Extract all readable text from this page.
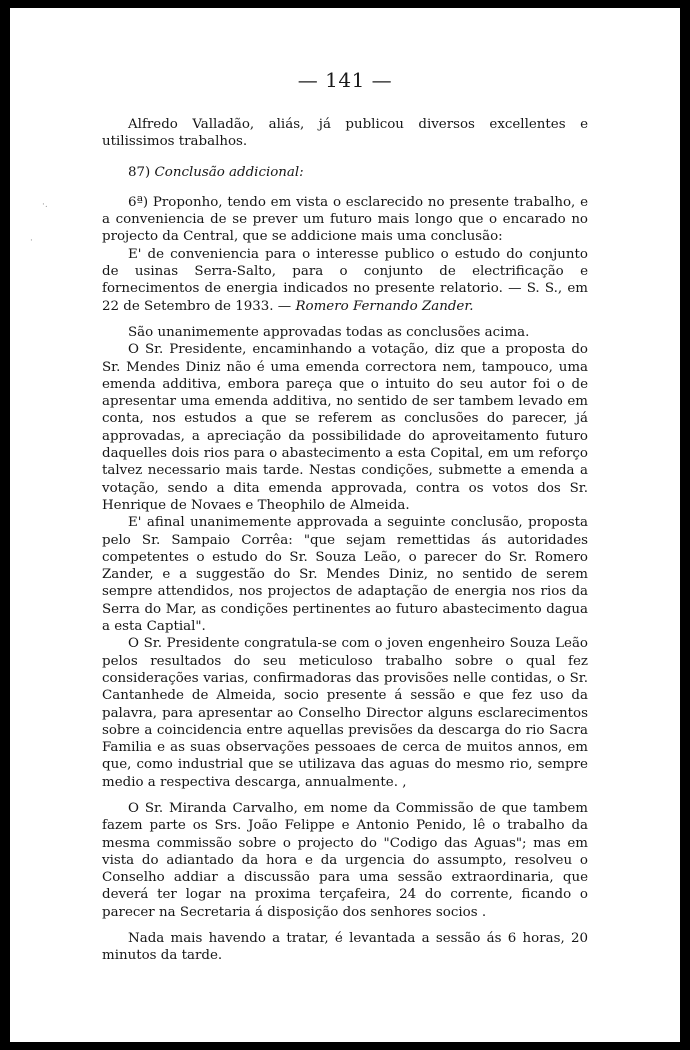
— 141 —
·.
·

Alfredo Valladão, aliás, já publicou diversos excellentes e utilissimos trabalhos.

87) Conclusão addicional:

6ª) Proponho, tendo em vista o esclarecido no presente trabalho, e a conveniencia de se prever um futuro mais longo que o encarado no projecto da Central, que se addicione mais uma conclusão:

E' de conveniencia para o interesse publico o estudo do conjunto de usinas Serra-Salto, para o conjunto de electrificação e fornecimentos de energia indicados no presente relatorio. — S. S., em 22 de Setembro de 1933. — Romero Fernando Zander.

São unanimemente approvadas todas as conclusões acima.

O Sr. Presidente, encaminhando a votação, diz que a proposta do Sr. Mendes Diniz não é uma emenda correctora nem, tampouco, uma emenda additiva, embora pareça que o intuito do seu autor foi o de apresentar uma emenda additiva, no sentido de ser tambem levado em conta, nos estudos a que se referem as conclusões do parecer, já approvadas, a apreciação da possibilidade do aproveitamento futuro daquelles dois rios para o abastecimento a esta Copital, em um reforço talvez necessario mais tarde. Nestas condições, submette a emenda a votação, sendo a dita emenda approvada, contra os votos dos Sr. Henrique de Novaes e Theophilo de Almeida.

E' afinal unanimemente approvada a seguinte conclusão, proposta pelo Sr. Sampaio Corrêa: "que sejam remettidas ás autoridades competentes o estudo do Sr. Souza Leão, o parecer do Sr. Romero Zander, e a suggestão do Sr. Mendes Diniz, no sentido de serem sempre attendidos, nos projectos de adaptação de energia nos rios da Serra do Mar, as condições pertinentes ao futuro abastecimento dagua a esta Captial".

O Sr. Presidente congratula-se com o joven engenheiro Souza Leão pelos resultados do seu meticuloso trabalho sobre o qual fez considerações varias, confirmadoras das provisões nelle contidas, o Sr. Cantanhede de Almeida, socio presente á sessão e que fez uso da palavra, para apresentar ao Conselho Director alguns esclarecimentos sobre a coincidencia entre aquellas previsões da descarga do rio Sacra Familia e as suas observações pessoaes de cerca de muitos annos, em que, como industrial que se utilizava das aguas do mesmo rio, sempre medio a respectiva descarga, annualmente. ,

O Sr. Miranda Carvalho, em nome da Commissão de que tambem fazem parte os Srs. João Felippe e Antonio Penido, lê o trabalho da mesma commissão sobre o projecto do "Codigo das Aguas"; mas em vista do adiantado da hora e da urgencia do assumpto, resolveu o Conselho addiar a discussão para uma sessão extraordinaria, que deverá ter logar na proxima terçafeira, 24 do corrente, ficando o parecer na Secretaria á disposição dos senhores socios .

Nada mais havendo a tratar, é levantada a sessão ás 6 horas, 20 minutos da tarde.
